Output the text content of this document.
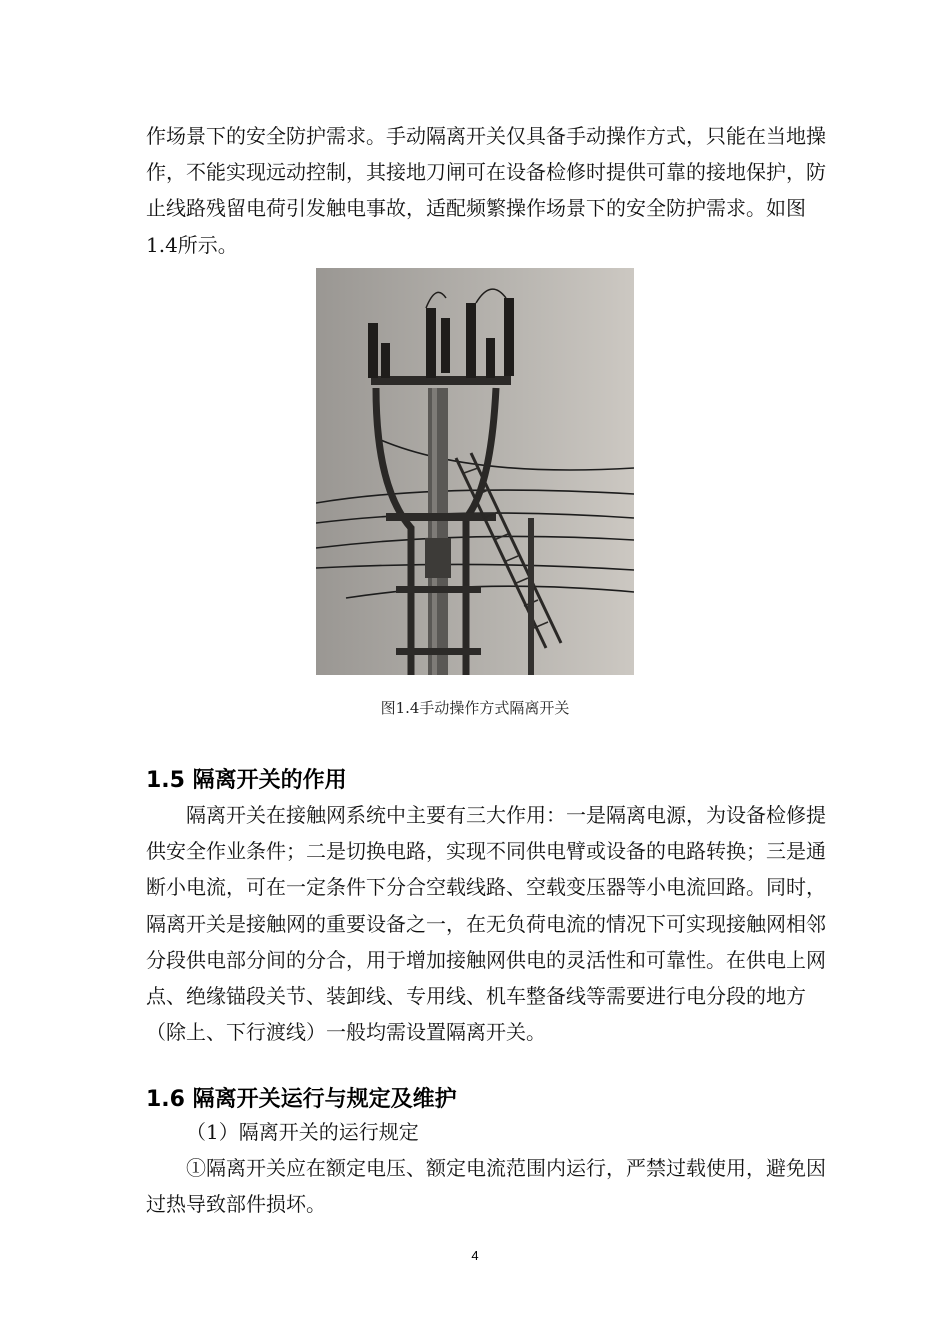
作场景下的安全防护需求。手动隔离开关仅具备手动操作方式，只能在当地操
作，不能实现远动控制，其接地刀闸可在设备检修时提供可靠的接地保护，防
止线路残留电荷引发触电事故，适配频繁操作场景下的安全防护需求。如图
1.4所示。
图1.4手动操作方式隔离开关
1.5 隔离开关的作用
隔离开关在接触网系统中主要有三大作用：一是隔离电源，为设备检修提
供安全作业条件；二是切换电路，实现不同供电臂或设备的电路转换；三是通
断小电流，可在一定条件下分合空载线路、空载变压器等小电流回路。同时，
隔离开关是接触网的重要设备之一，在无负荷电流的情况下可实现接触网相邻
分段供电部分间的分合，用于增加接触网供电的灵活性和可靠性。在供电上网
点、绝缘锚段关节、装卸线、专用线、机车整备线等需要进行电分段的地方
（除上、下行渡线）一般均需设置隔离开关。
1.6 隔离开关运行与规定及维护
（1）隔离开关的运行规定
①隔离开关应在额定电压、额定电流范围内运行，严禁过载使用，避免因
过热导致部件损坏。
4
